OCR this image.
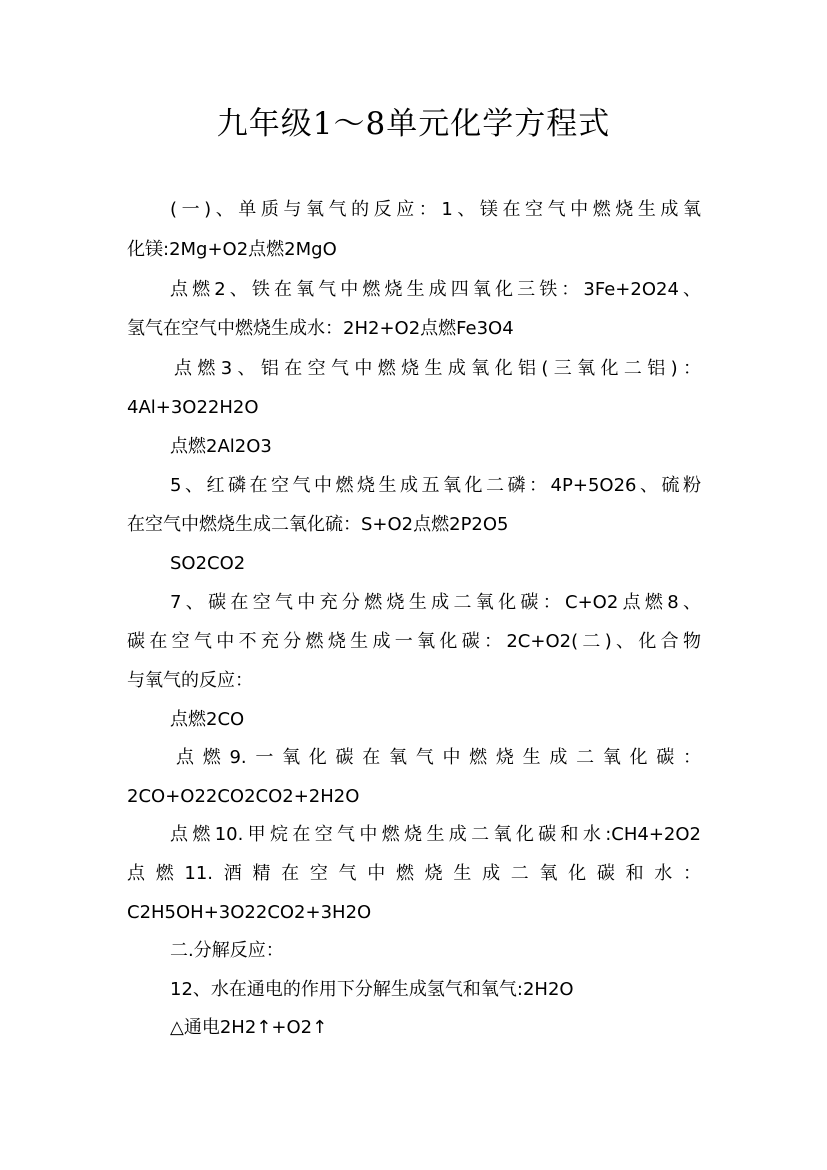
九年级1～8单元化学方程式
(一)、单质与氧气的反应：1、镁在空气中燃烧生成氧
化镁:2Mg+O2点燃2MgO
点燃2、铁在氧气中燃烧生成四氧化三铁：3Fe+2O24、
氢气在空气中燃烧生成水：2H2+O2点燃Fe3O4
点燃3、铝在空气中燃烧生成氧化铝(三氧化二铝)：
4Al+3O22H2O
点燃2Al2O3
5、红磷在空气中燃烧生成五氧化二磷：4P+5O26、硫粉
在空气中燃烧生成二氧化硫：S+O2点燃2P2O5
SO2CO2
7、碳在空气中充分燃烧生成二氧化碳：C+O2点燃8、
碳在空气中不充分燃烧生成一氧化碳：2C+O2(二)、化合物
与氧气的反应：
点燃2CO
点燃9.一氧化碳在氧气中燃烧生成二氧化碳：
2CO+O22CO2CO2+2H2O
点燃10.甲烷在空气中燃烧生成二氧化碳和水:CH4+2O2
点燃11.酒精在空气中燃烧生成二氧化碳和水：
C2H5OH+3O22CO2+3H2O
二.分解反应：
12、水在通电的作用下分解生成氢气和氧气:2H2O
△通电2H2↑+O2↑
